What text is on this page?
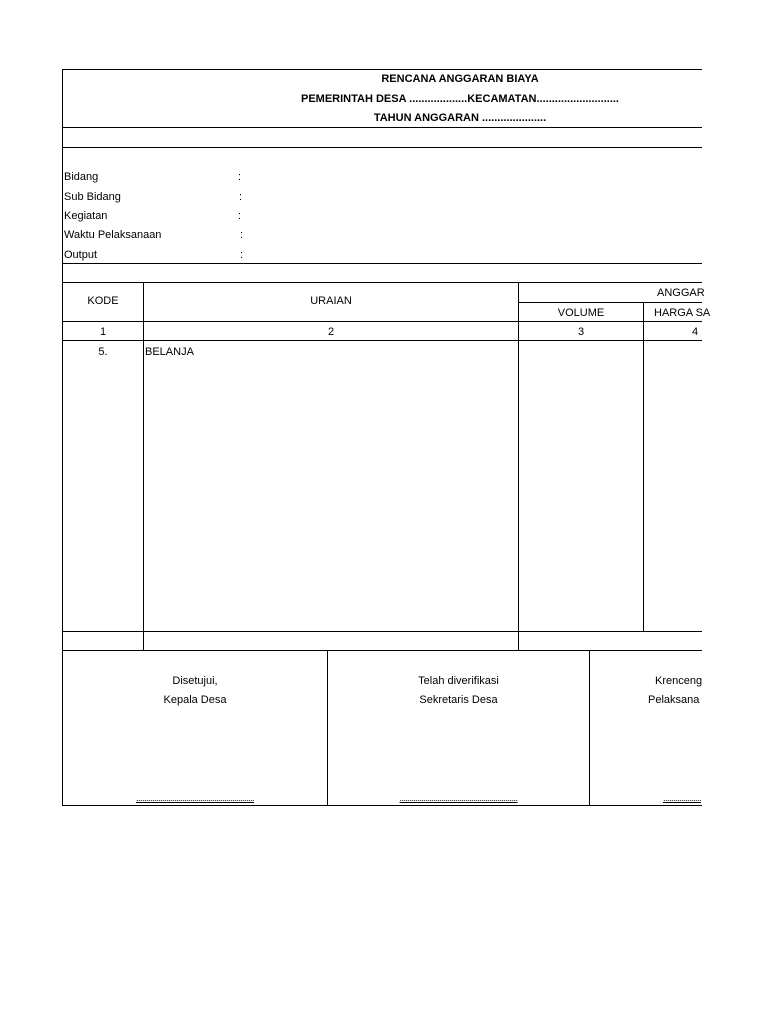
RENCANA ANGGARAN BIAYA
PEMERINTAH DESA ...................KECAMATAN...........................
TAHUN ANGGARAN .....................
Bidang	:
Sub Bidang	:
Kegiatan	:
Waktu Pelaksanaan	:
Output	:
KODE	URAIAN
ANGGAR
VOLUME	HARGA SA
1	2	3	4
5.	BELANJA
Disetujui,
Kepala Desa
...........................................................
Telah diverifikasi
Sekretaris Desa
...........................................................
Krenceng
Pelaksana
...................
